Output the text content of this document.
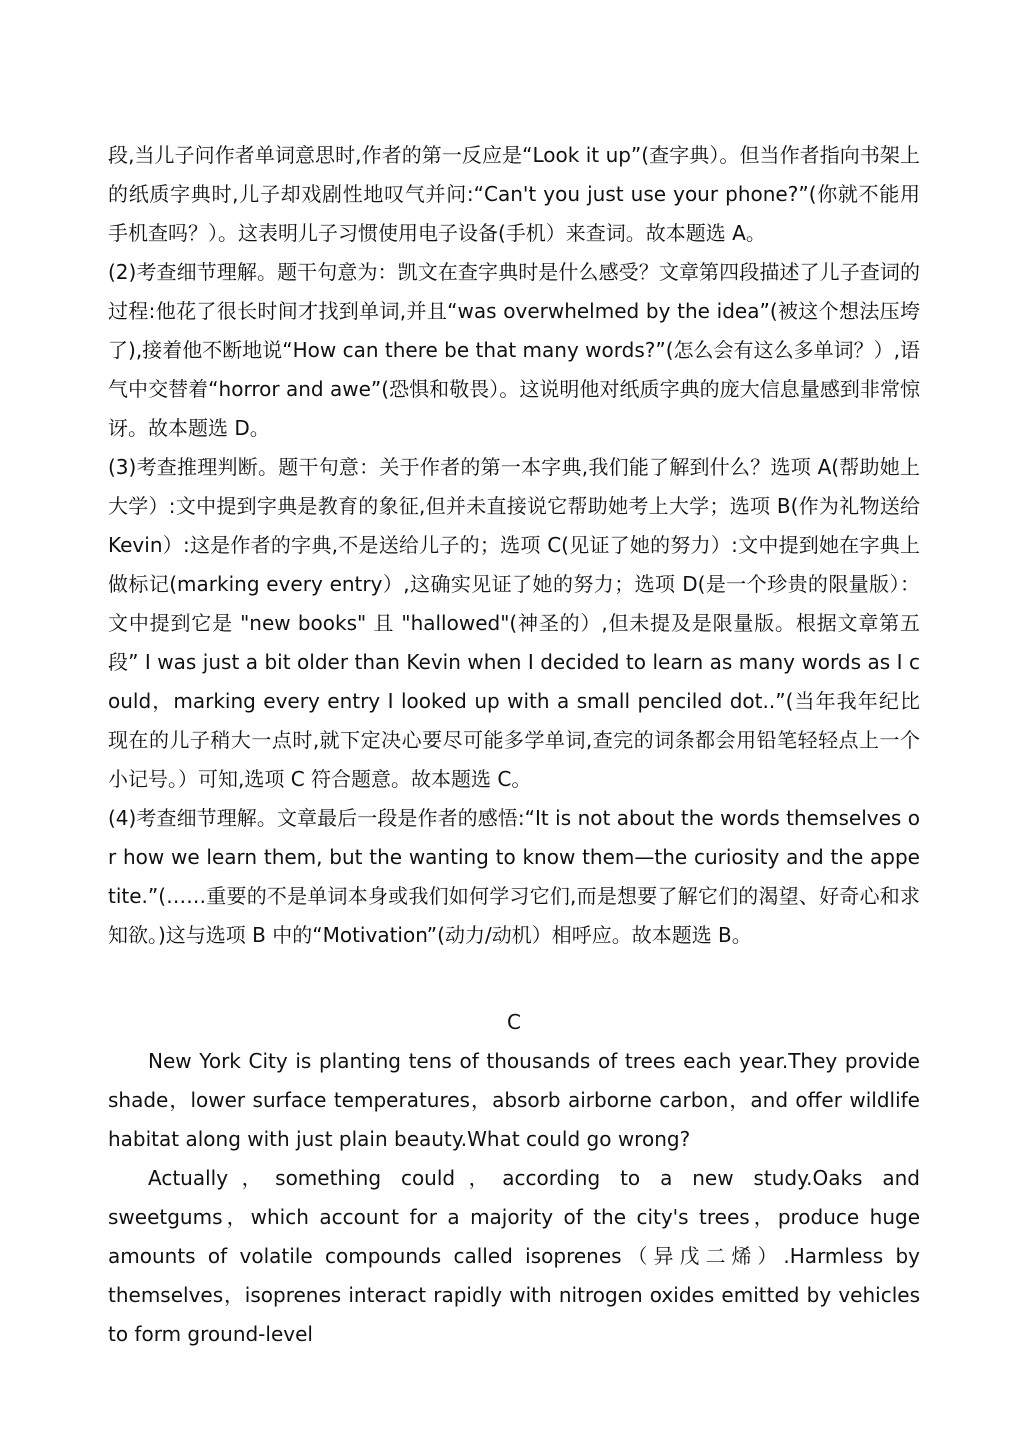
段,当儿子问作者单词意思时,作者的第一反应是“Look it up”(查字典）。但当作者指向书架上的纸质字典时,儿子却戏剧性地叹气并问:“Can't you just use your phone?”(你就不能用手机查吗？）。这表明儿子习惯使用电子设备(手机）来查词。故本题选 A。

(2)考查细节理解。题干句意为：凯文在查字典时是什么感受？文章第四段描述了儿子查词的过程:他花了很长时间才找到单词,并且“was overwhelmed by the idea”(被这个想法压垮了),接着他不断地说“How can there be that many words?”(怎么会有这么多单词？）,语气中交替着“horror and awe”(恐惧和敬畏）。这说明他对纸质字典的庞大信息量感到非常惊讶。故本题选 D。

(3)考查推理判断。题干句意：关于作者的第一本字典,我们能了解到什么？选项 A(帮助她上大学）:文中提到字典是教育的象征,但并未直接说它帮助她考上大学；选项 B(作为礼物送给 Kevin）:这是作者的字典,不是送给儿子的；选项 C(见证了她的努力）:文中提到她在字典上做标记(marking every entry）,这确实见证了她的努力；选项 D(是一个珍贵的限量版）：文中提到它是 "new books" 且 "hallowed"(神圣的）,但未提及是限量版。根据文章第五段” I was just a bit older than Kevin when I decided to learn as many words as I could，marking every entry I looked up with a small penciled dot..”(当年我年纪比现在的儿子稍大一点时,就下定决心要尽可能多学单词,查完的词条都会用铅笔轻轻点上一个小记号。）可知,选项 C 符合题意。故本题选 C。

(4)考查细节理解。文章最后一段是作者的感悟:“It is not about the words themselves or how we learn them, but the wanting to know them—the curiosity and the appetite.”(……重要的不是单词本身或我们如何学习它们,而是想要了解它们的渴望、好奇心和求知欲。)这与选项 B 中的“Motivation”(动力/动机）相呼应。故本题选 B。

C

New York City is planting tens of thousands of trees each year.They provide shade，lower surface temperatures，absorb airborne carbon，and offer wildlife habitat along with just plain beauty.What could go wrong?

Actually，something could，according to a new study.Oaks and sweetgums，which account for a majority of the city's trees，produce huge amounts of volatile compounds called isoprenes（异戊二烯）.Harmless by themselves，isoprenes interact rapidly with nitrogen oxides emitted by vehicles to form ground-level
